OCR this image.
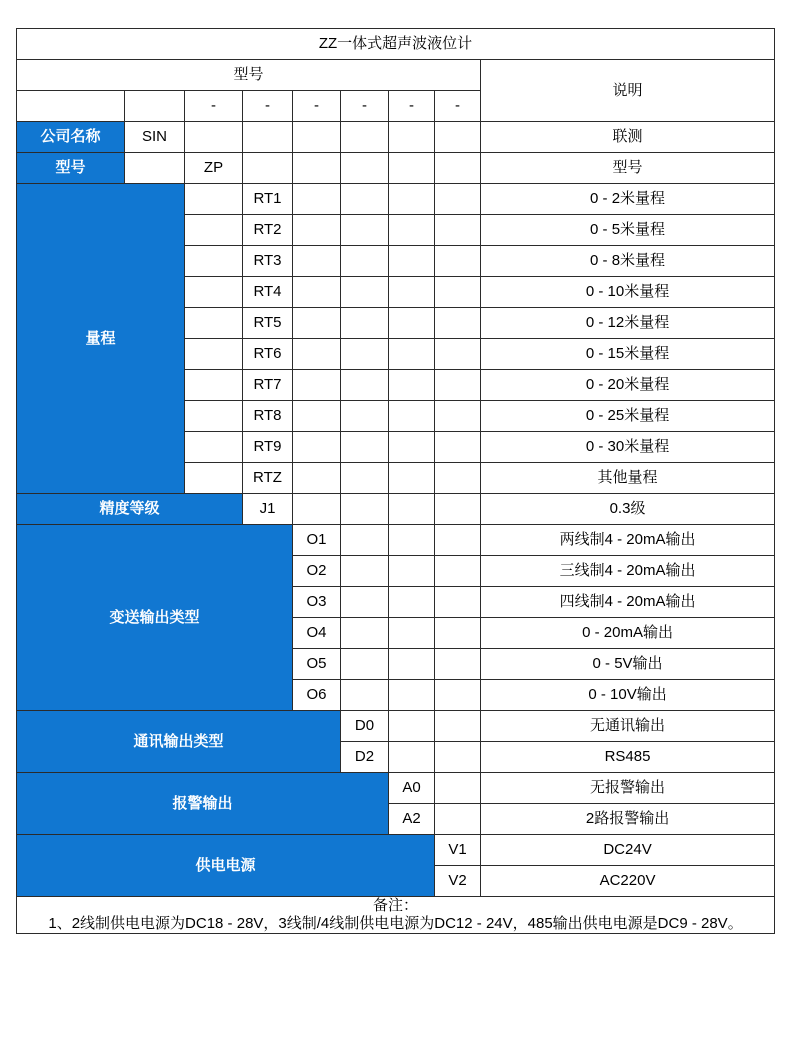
ZZ一体式超声波液位计								
型号								说明
		-	-	-	-	-	-	
公司名称	SIN							联测
型号		ZP						型号
量程			RT1					0 - 2米量程
			RT2					0 - 5米量程
			RT3					0 - 8米量程
			RT4					0 - 10米量程
			RT5					0 - 12米量程
			RT6					0 - 15米量程
			RT7					0 - 20米量程
			RT8					0 - 25米量程
			RT9					0 - 30米量程
			RTZ					其他量程
精度等级			J1					0.3级
变送输出类型				O1				两线制4 - 20mA输出
				O2				三线制4 - 20mA输出
				O3				四线制4 - 20mA输出
				O4				0 - 20mA输出
				O5				0 - 5V输出
				O6				0 - 10V输出
通讯输出类型					D0			无通讯输出
					D2			RS485
报警输出						A0		无报警输出
						A2		2路报警输出
供电电源							V1	DC24V
							V2	AC220V

备注：
1、2线制供电电源为DC18 - 28V，3线制/4线制供电电源为DC12 - 24V，485输出供电电源是DC9 - 28V。								
